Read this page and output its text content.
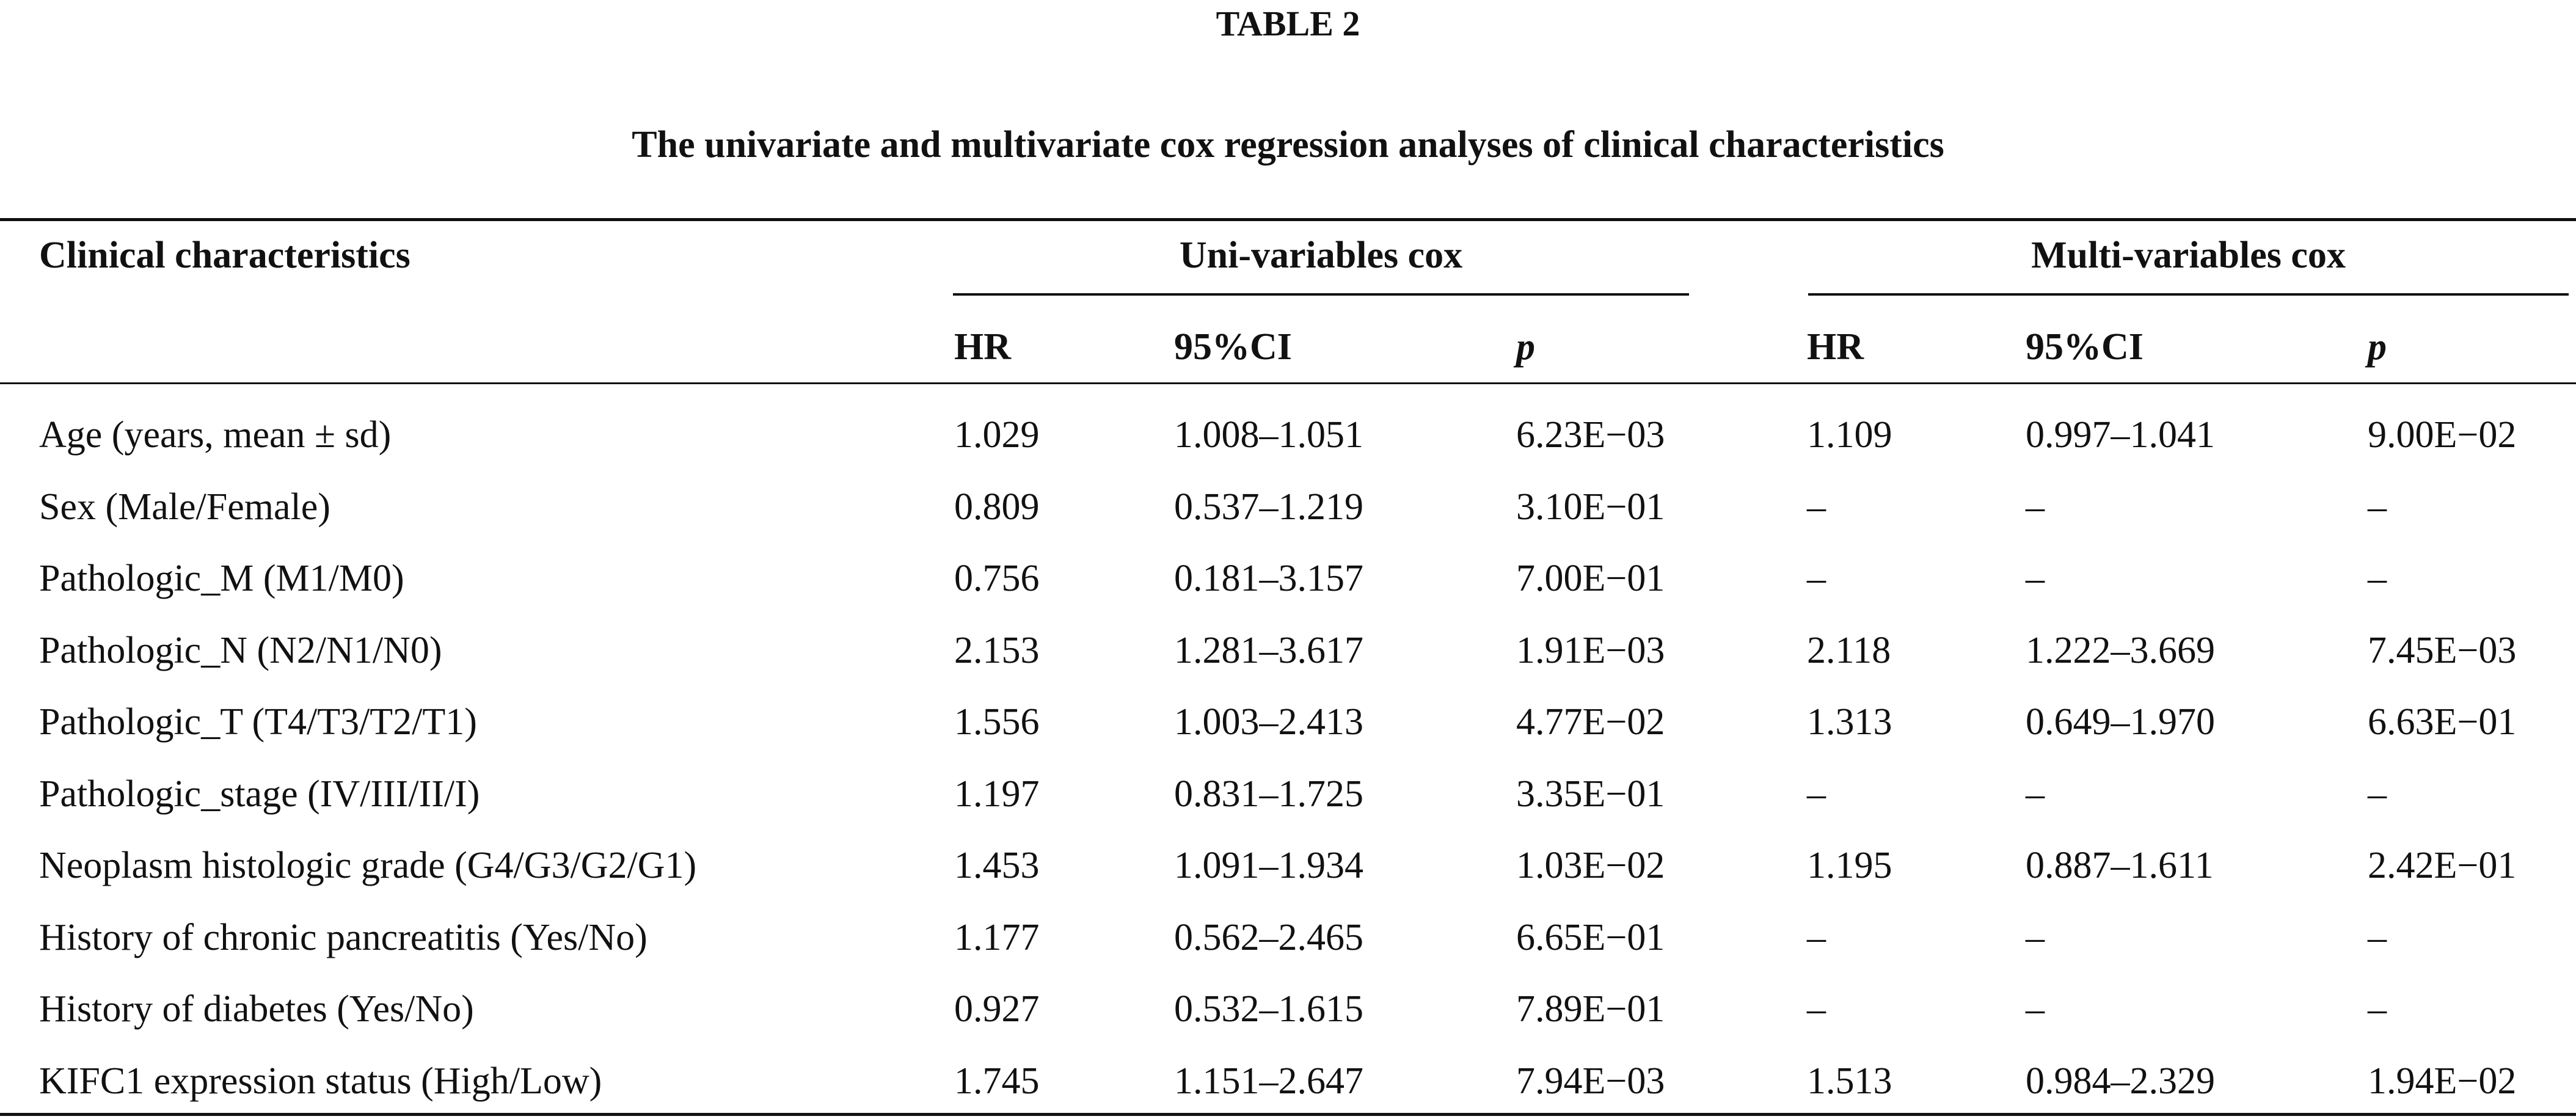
TABLE 2
The univariate and multivariate cox regression analyses of clinical characteristics
Clinical characteristics	Uni-variables cox	Multi-variables cox
HR	95%CI	p	HR	95%CI	p
Age (years, mean ± sd)	1.029	1.008–1.051	6.23E−03	1.109	0.997–1.041	9.00E−02
Sex (Male/Female)	0.809	0.537–1.219	3.10E−01	–	–	–
Pathologic_M (M1/M0)	0.756	0.181–3.157	7.00E−01	–	–	–
Pathologic_N (N2/N1/N0)	2.153	1.281–3.617	1.91E−03	2.118	1.222–3.669	7.45E−03
Pathologic_T (T4/T3/T2/T1)	1.556	1.003–2.413	4.77E−02	1.313	0.649–1.970	6.63E−01
Pathologic_stage (IV/III/II/I)	1.197	0.831–1.725	3.35E−01	–	–	–
Neoplasm histologic grade (G4/G3/G2/G1)	1.453	1.091–1.934	1.03E−02	1.195	0.887–1.611	2.42E−01
History of chronic pancreatitis (Yes/No)	1.177	0.562–2.465	6.65E−01	–	–	–
History of diabetes (Yes/No)	0.927	0.532–1.615	7.89E−01	–	–	–
KIFC1 expression status (High/Low)	1.745	1.151–2.647	7.94E−03	1.513	0.984–2.329	1.94E−02
